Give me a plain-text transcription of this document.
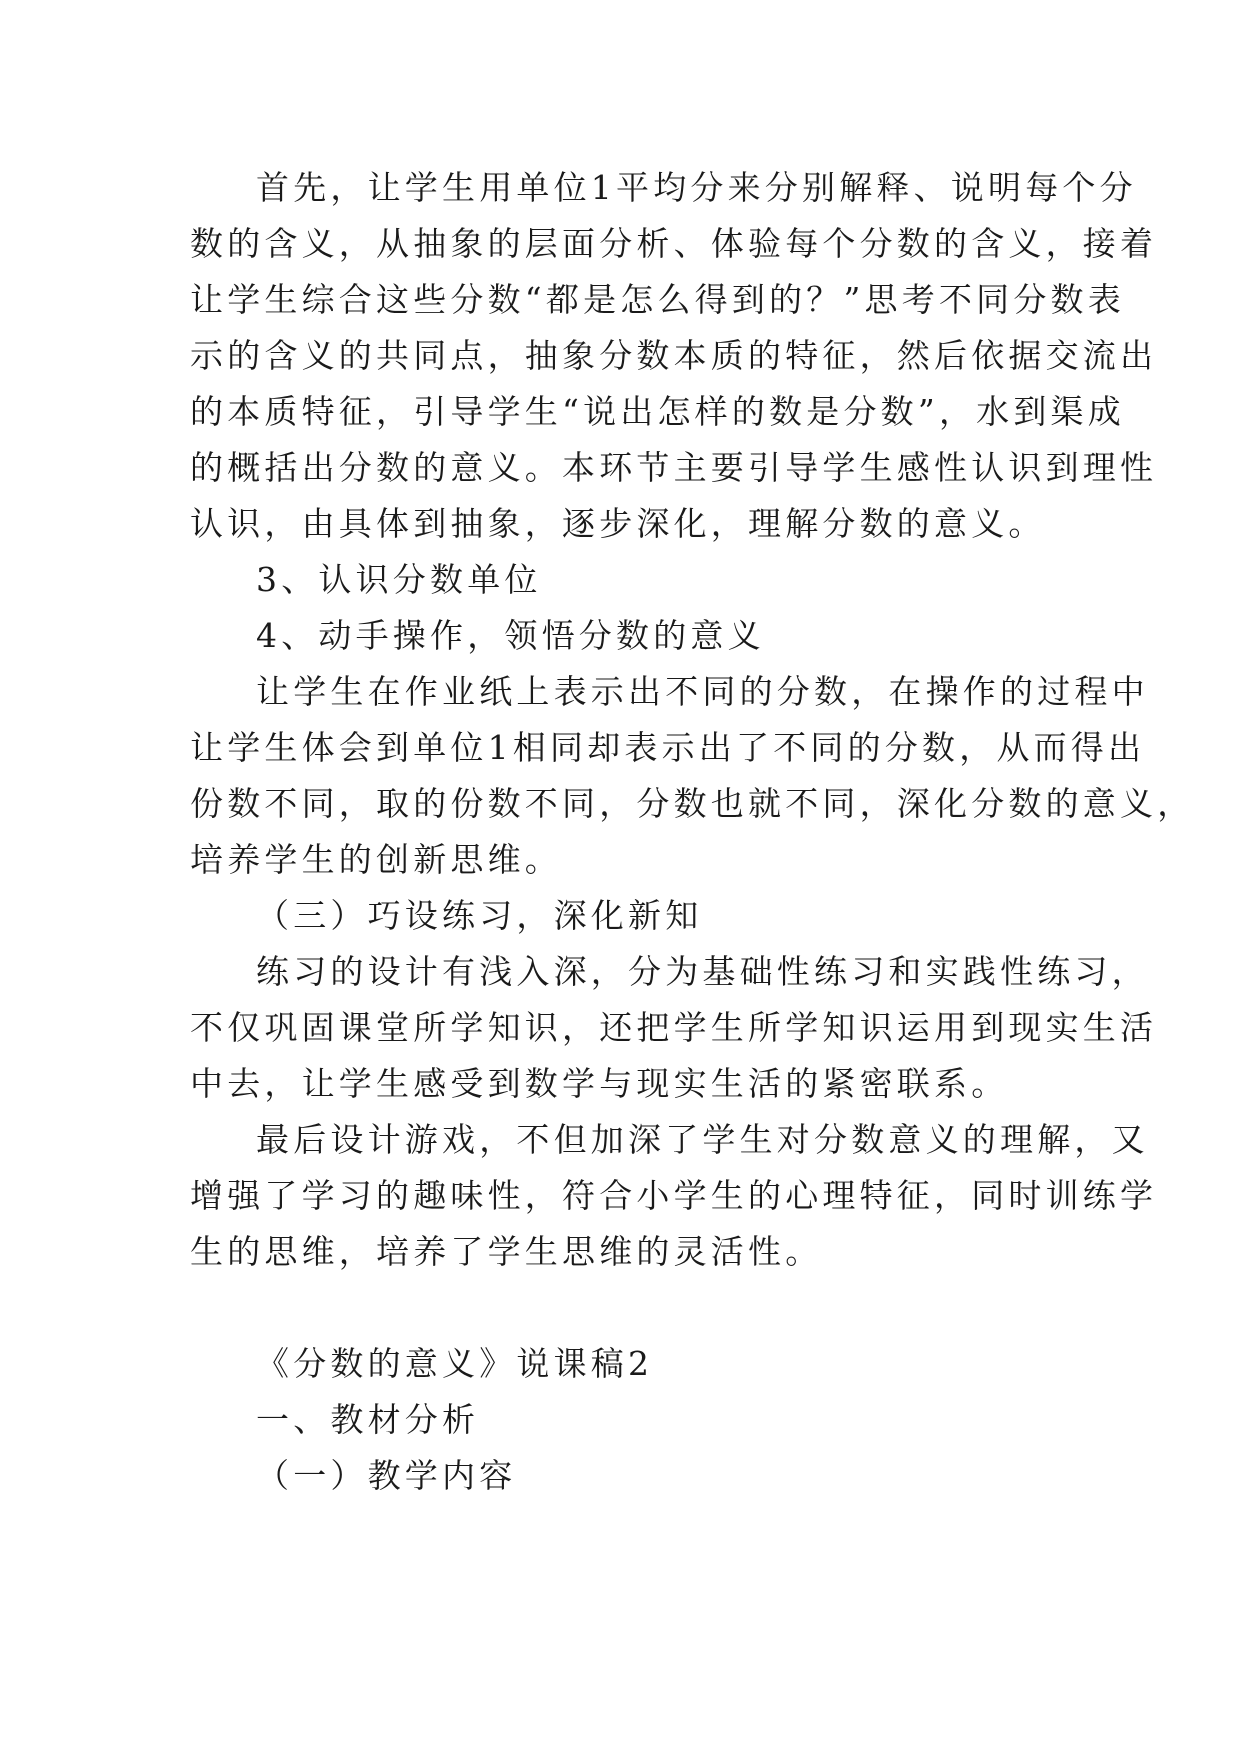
首先，让学生用单位1平均分来分别解释、说明每个分
数的含义，从抽象的层面分析、体验每个分数的含义，接着
让学生综合这些分数“都是怎么得到的？”思考不同分数表
示的含义的共同点，抽象分数本质的特征，然后依据交流出
的本质特征，引导学生“说出怎样的数是分数”，水到渠成
的概括出分数的意义。本环节主要引导学生感性认识到理性
认识，由具体到抽象，逐步深化，理解分数的意义。
3、认识分数单位
4、动手操作，领悟分数的意义
让学生在作业纸上表示出不同的分数，在操作的过程中
让学生体会到单位1相同却表示出了不同的分数，从而得出
份数不同，取的份数不同，分数也就不同，深化分数的意义，
培养学生的创新思维。
（三）巧设练习，深化新知
练习的设计有浅入深，分为基础性练习和实践性练习，
不仅巩固课堂所学知识，还把学生所学知识运用到现实生活
中去，让学生感受到数学与现实生活的紧密联系。
最后设计游戏，不但加深了学生对分数意义的理解，又
增强了学习的趣味性，符合小学生的心理特征，同时训练学
生的思维，培养了学生思维的灵活性。
《分数的意义》说课稿2
一、教材分析
（一）教学内容
